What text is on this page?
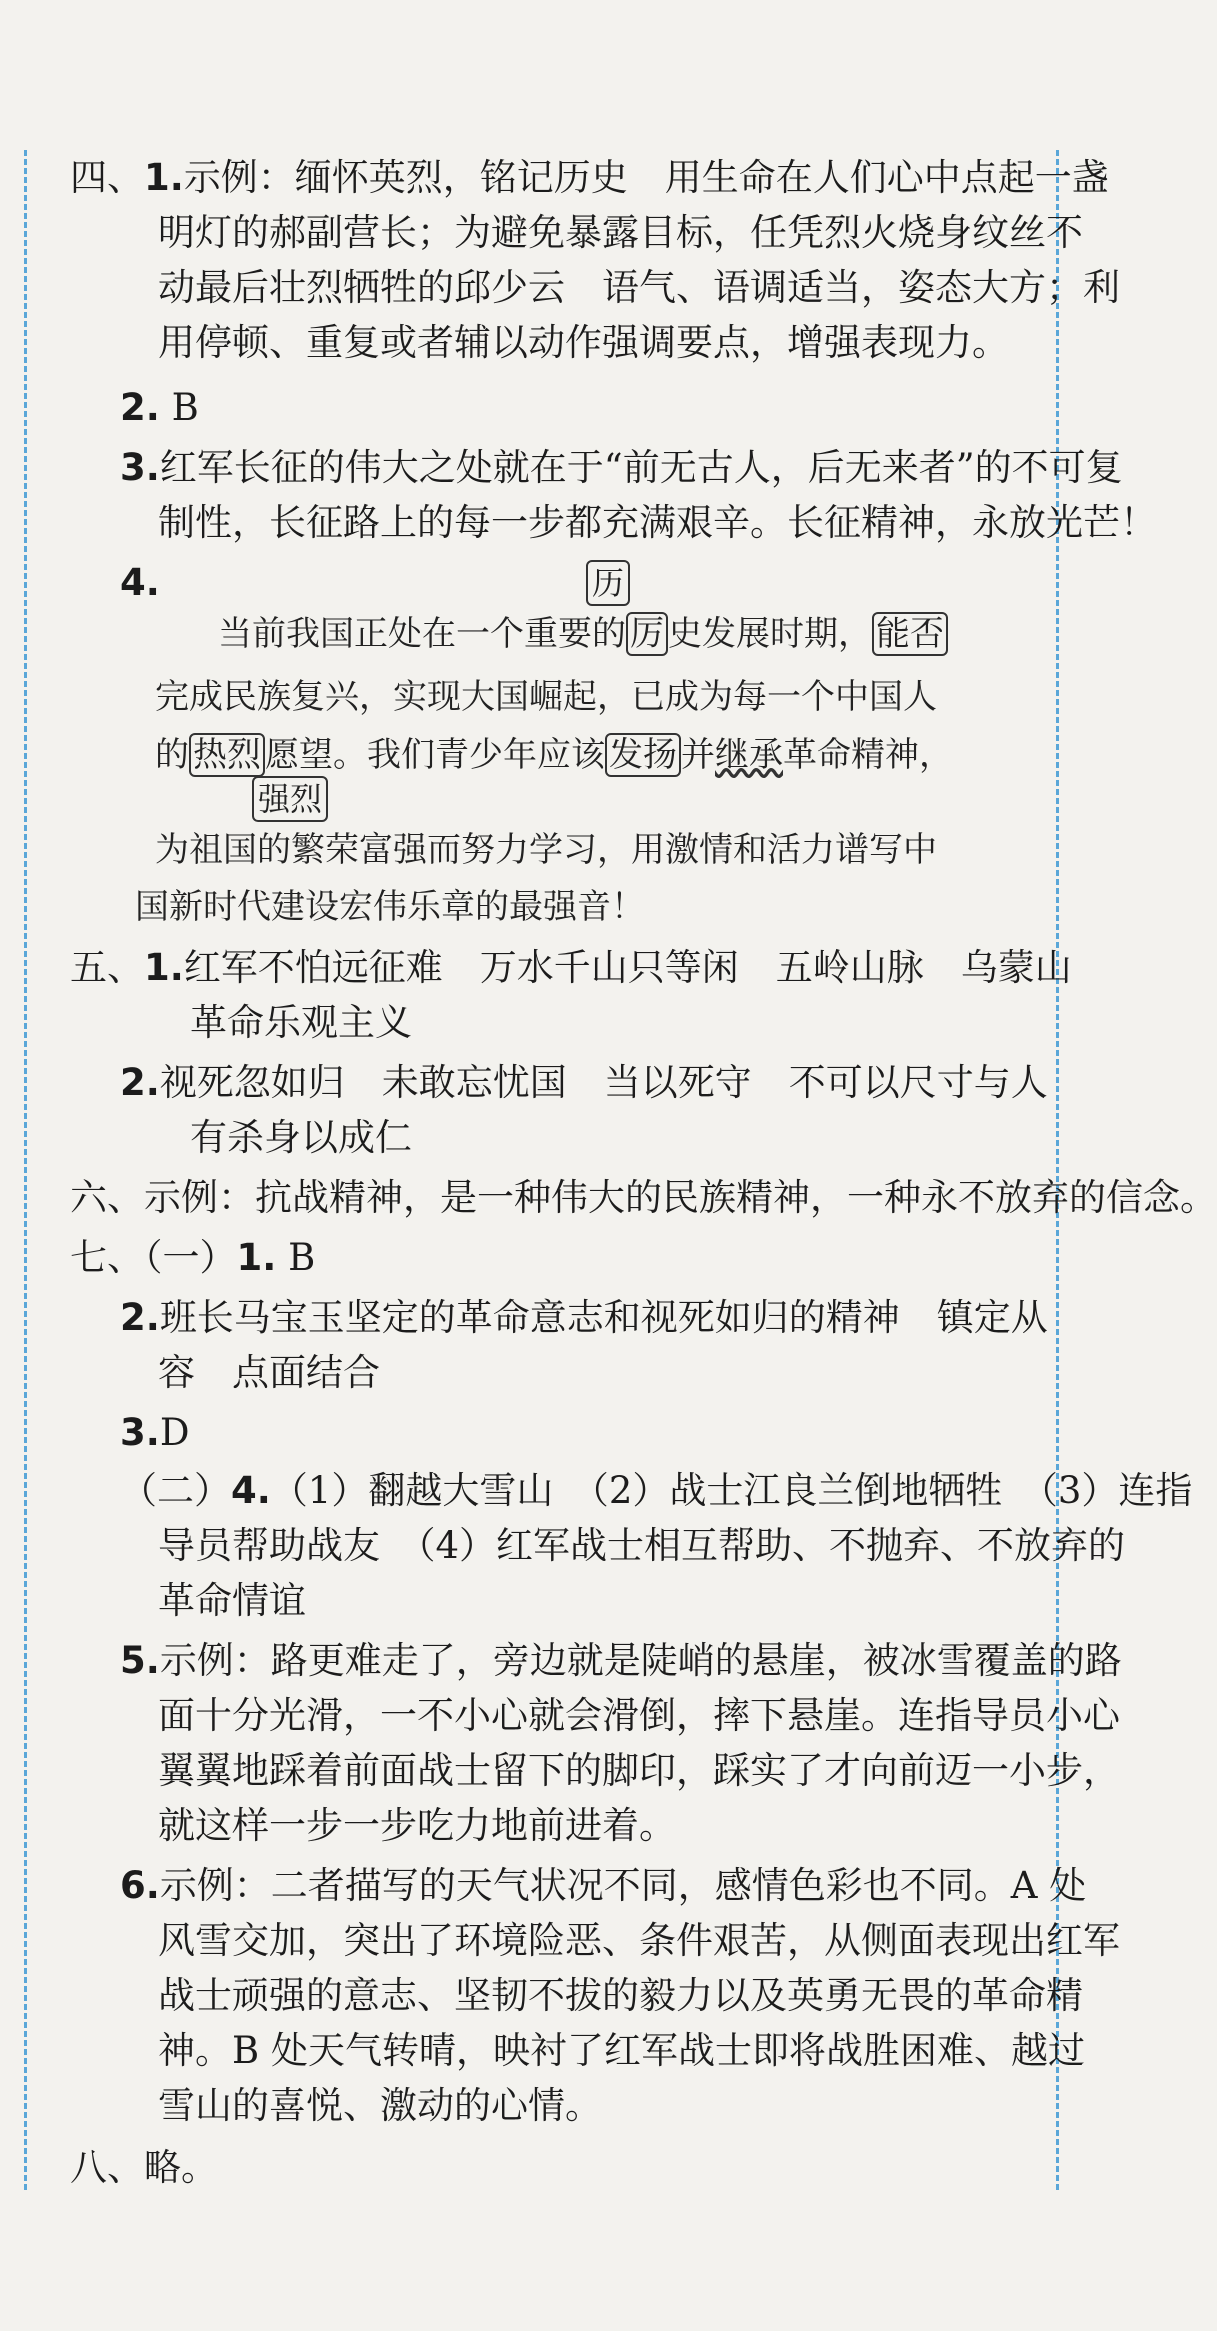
四、1.示例：缅怀英烈，铭记历史　用生命在人们心中点起一盏
明灯的郝副营长；为避免暴露目标，任凭烈火烧身纹丝不
动最后壮烈牺牲的邱少云　语气、语调适当，姿态大方；利
用停顿、重复或者辅以动作强调要点，增强表现力。
2. B
3.红军长征的伟大之处就在于“前无古人，后无来者”的不可复
制性，长征路上的每一步都充满艰辛。长征精神，永放光芒！
4.	历
当前我国正处在一个重要的 厉 史发展时期， 能否
完成民族复兴，实现大国崛起，已成为每一个中国人
的 热烈 愿望。我们青少年应该 发扬 并继承革命精神，
强烈
为祖国的繁荣富强而努力学习，用激情和活力谱写中
国新时代建设宏伟乐章的最强音！
五、1.红军不怕远征难　万水千山只等闲　五岭山脉　乌蒙山
革命乐观主义
2.视死忽如归　未敢忘忧国　当以死守　不可以尺寸与人
有杀身以成仁
六、示例：抗战精神，是一种伟大的民族精神，一种永不放弃的信念。
七、（一）1. B
2.班长马宝玉坚定的革命意志和视死如归的精神　镇定从
容　点面结合
3.D
（二）4.（1）翻越大雪山　（2）战士江良兰倒地牺牲　（3）连指
导员帮助战友　（4）红军战士相互帮助、不抛弃、不放弃的
革命情谊
5.示例：路更难走了，旁边就是陡峭的悬崖，被冰雪覆盖的路
面十分光滑，一不小心就会滑倒，摔下悬崖。连指导员小心
翼翼地踩着前面战士留下的脚印，踩实了才向前迈一小步，
就这样一步一步吃力地前进着。
6.示例：二者描写的天气状况不同，感情色彩也不同。A 处
风雪交加，突出了环境险恶、条件艰苦，从侧面表现出红军
战士顽强的意志、坚韧不拔的毅力以及英勇无畏的革命精
神。B 处天气转晴，映衬了红军战士即将战胜困难、越过
雪山的喜悦、激动的心情。
八、略。
